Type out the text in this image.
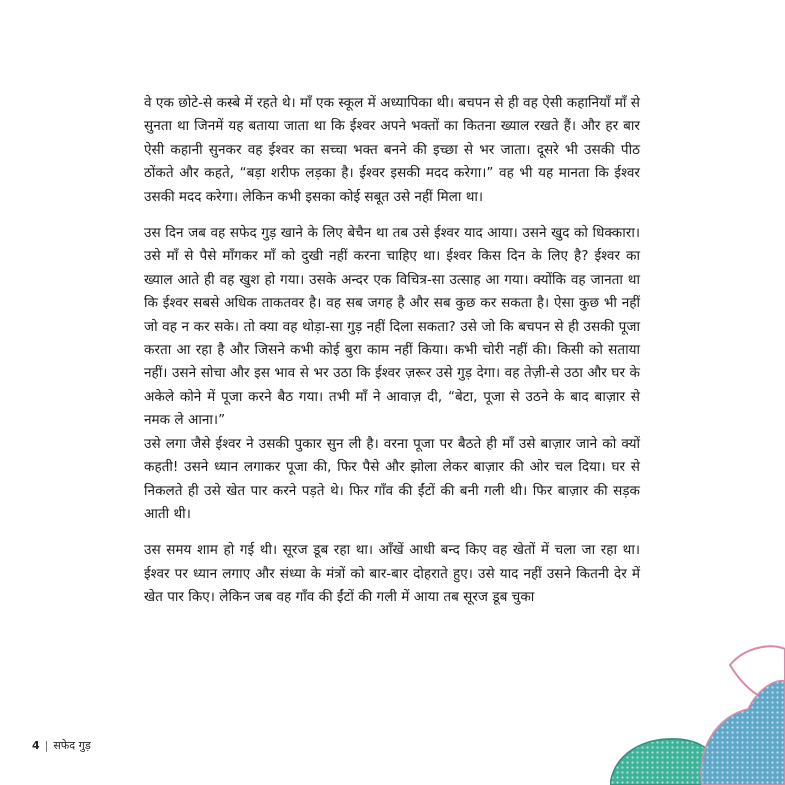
वे एक छोटे-से कस्बे में रहते थे। माँ एक स्कूल में अध्यापिका थी। बचपन से ही वह ऐसी कहानियाँ माँ से सुनता था जिनमें यह बताया जाता था कि ईश्वर अपने भक्तों का कितना ख्याल रखते हैं। और हर बार ऐसी कहानी सुनकर वह ईश्वर का सच्चा भक्त बनने की इच्छा से भर जाता। दूसरे भी उसकी पीठ ठोंकते और कहते, “बड़ा शरीफ लड़का है। ईश्वर इसकी मदद करेगा।” वह भी यह मानता कि ईश्वर उसकी मदद करेगा। लेकिन कभी इसका कोई सबूत उसे नहीं मिला था।

उस दिन जब वह सफेद गुड़ खाने के लिए बेचैन था तब उसे ईश्वर याद आया। उसने खुद को धिक्कारा। उसे माँ से पैसे माँगकर माँ को दुखी नहीं करना चाहिए था। ईश्वर किस दिन के लिए है? ईश्वर का ख्याल आते ही वह खुश हो गया। उसके अन्दर एक विचित्र-सा उत्साह आ गया। क्योंकि वह जानता था कि ईश्वर सबसे अधिक ताकतवर है। वह सब जगह है और सब कुछ कर सकता है। ऐसा कुछ भी नहीं जो वह न कर सके। तो क्या वह थोड़ा-सा गुड़ नहीं दिला सकता? उसे जो कि बचपन से ही उसकी पूजा करता आ रहा है और जिसने कभी कोई बुरा काम नहीं किया। कभी चोरी नहीं की। किसी को सताया नहीं। उसने सोचा और इस भाव से भर उठा कि ईश्वर ज़रूर उसे गुड़ देगा। वह तेज़ी-से उठा और घर के अकेले कोने में पूजा करने बैठ गया। तभी माँ ने आवाज़ दी, “बेटा, पूजा से उठने के बाद बाज़ार से नमक ले आना।”

उसे लगा जैसे ईश्वर ने उसकी पुकार सुन ली है। वरना पूजा पर बैठते ही माँ उसे बाज़ार जाने को क्यों कहती! उसने ध्यान लगाकर पूजा की, फिर पैसे और झोला लेकर बाज़ार की ओर चल दिया। घर से निकलते ही उसे खेत पार करने पड़ते थे। फिर गाँव की ईंटों की बनी गली थी। फिर बाज़ार की सड़क आती थी।

उस समय शाम हो गई थी। सूरज डूब रहा था। आँखें आधी बन्द किए वह खेतों में चला जा रहा था। ईश्वर पर ध्यान लगाए और संध्या के मंत्रों को बार-बार दोहराते हुए। उसे याद नहीं उसने कितनी देर में खेत पार किए। लेकिन जब वह गाँव की ईंटों की गली में आया तब सूरज डूब चुका

4 | सफेद गुड़
